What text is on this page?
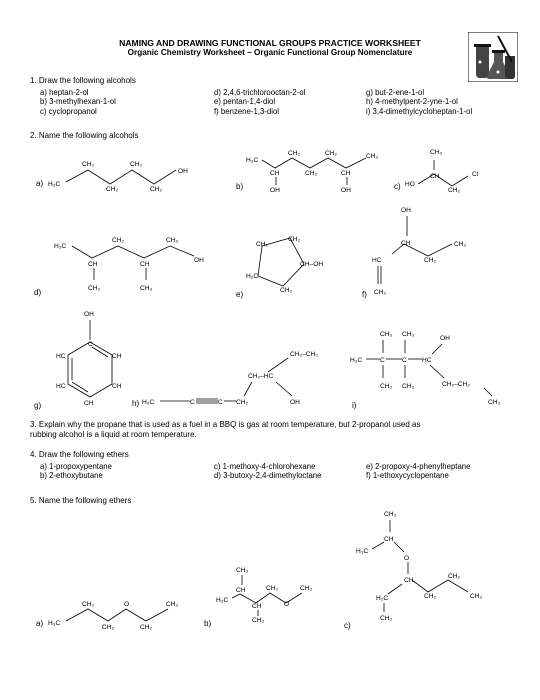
NAMING AND DRAWING FUNCTIONAL GROUPS PRACTICE WORKSHEET
Organic Chemistry Worksheet – Organic Functional Group Nomenclature
1. Draw the following alcohols
a) heptan-2-ol
b) 3-methylhexan-1-ol
c) cyclopropanol
d) 2,4,6-trichlorooctan-2-ol
e) pentan-1,4-diol
f) benzene-1,3-diol
g) but-2-ene-1-ol
h) 4-methylpent-2-yne-1-ol
i) 3,4-dimethylcycloheptan-1-ol
2. Name the following alcohols
3. Explain why the propane that is used as a fuel in a BBQ is gas at room temperature, but 2-propanol used as
rubbing alcohol is a liquid at room temperature.
4. Draw the following ethers
a) 1-propoxypentane
b) 2-ethoxybutane
c) 1-methoxy-4-chlorohexane
d) 3-butoxy-2,4-dimethyloctane
e) 2-propoxy-4-phenylheptane
f) 1-ethoxycyclopentane
5. Name the following ethers
a) H₃C
CH₂
CH₂
CH₂
CH₂
OH
b)
H₃C
CH
CH₂
CH₂
CH₂
CH
CH₃
OH	OH	c) HO
CH₃
CH
CH₂
Cl
d)
H₃C
CH
CH₂
CH
CH₂
OH
CH₃	CH₃
e)
CH₂
CH₂
CH–OH
CH₂
H₂C
f)
OH
CH
CH₂
CH₃
HC
CH₂
g)
OH
C
HC	CH
HC	CH
CH	h) H₃C	C	C CH₂
CH₂–HC
CH₂–CH₃
OH	i)
H₃C	C	C HC
CH₃ CH₃
CH₃ CH₃
OH
CH₂–CH₂
CH₃
a) H₃C
CH₂
CH₂
O
CH₂
CH₃
b)
CH₃
CH
H₃C
CH
CH₃
CH₂
O
CH₃
c)
CH₃
CH
H₃C
O
CH
H₂C
CH₃
CH₂
CH₂
CH₃
